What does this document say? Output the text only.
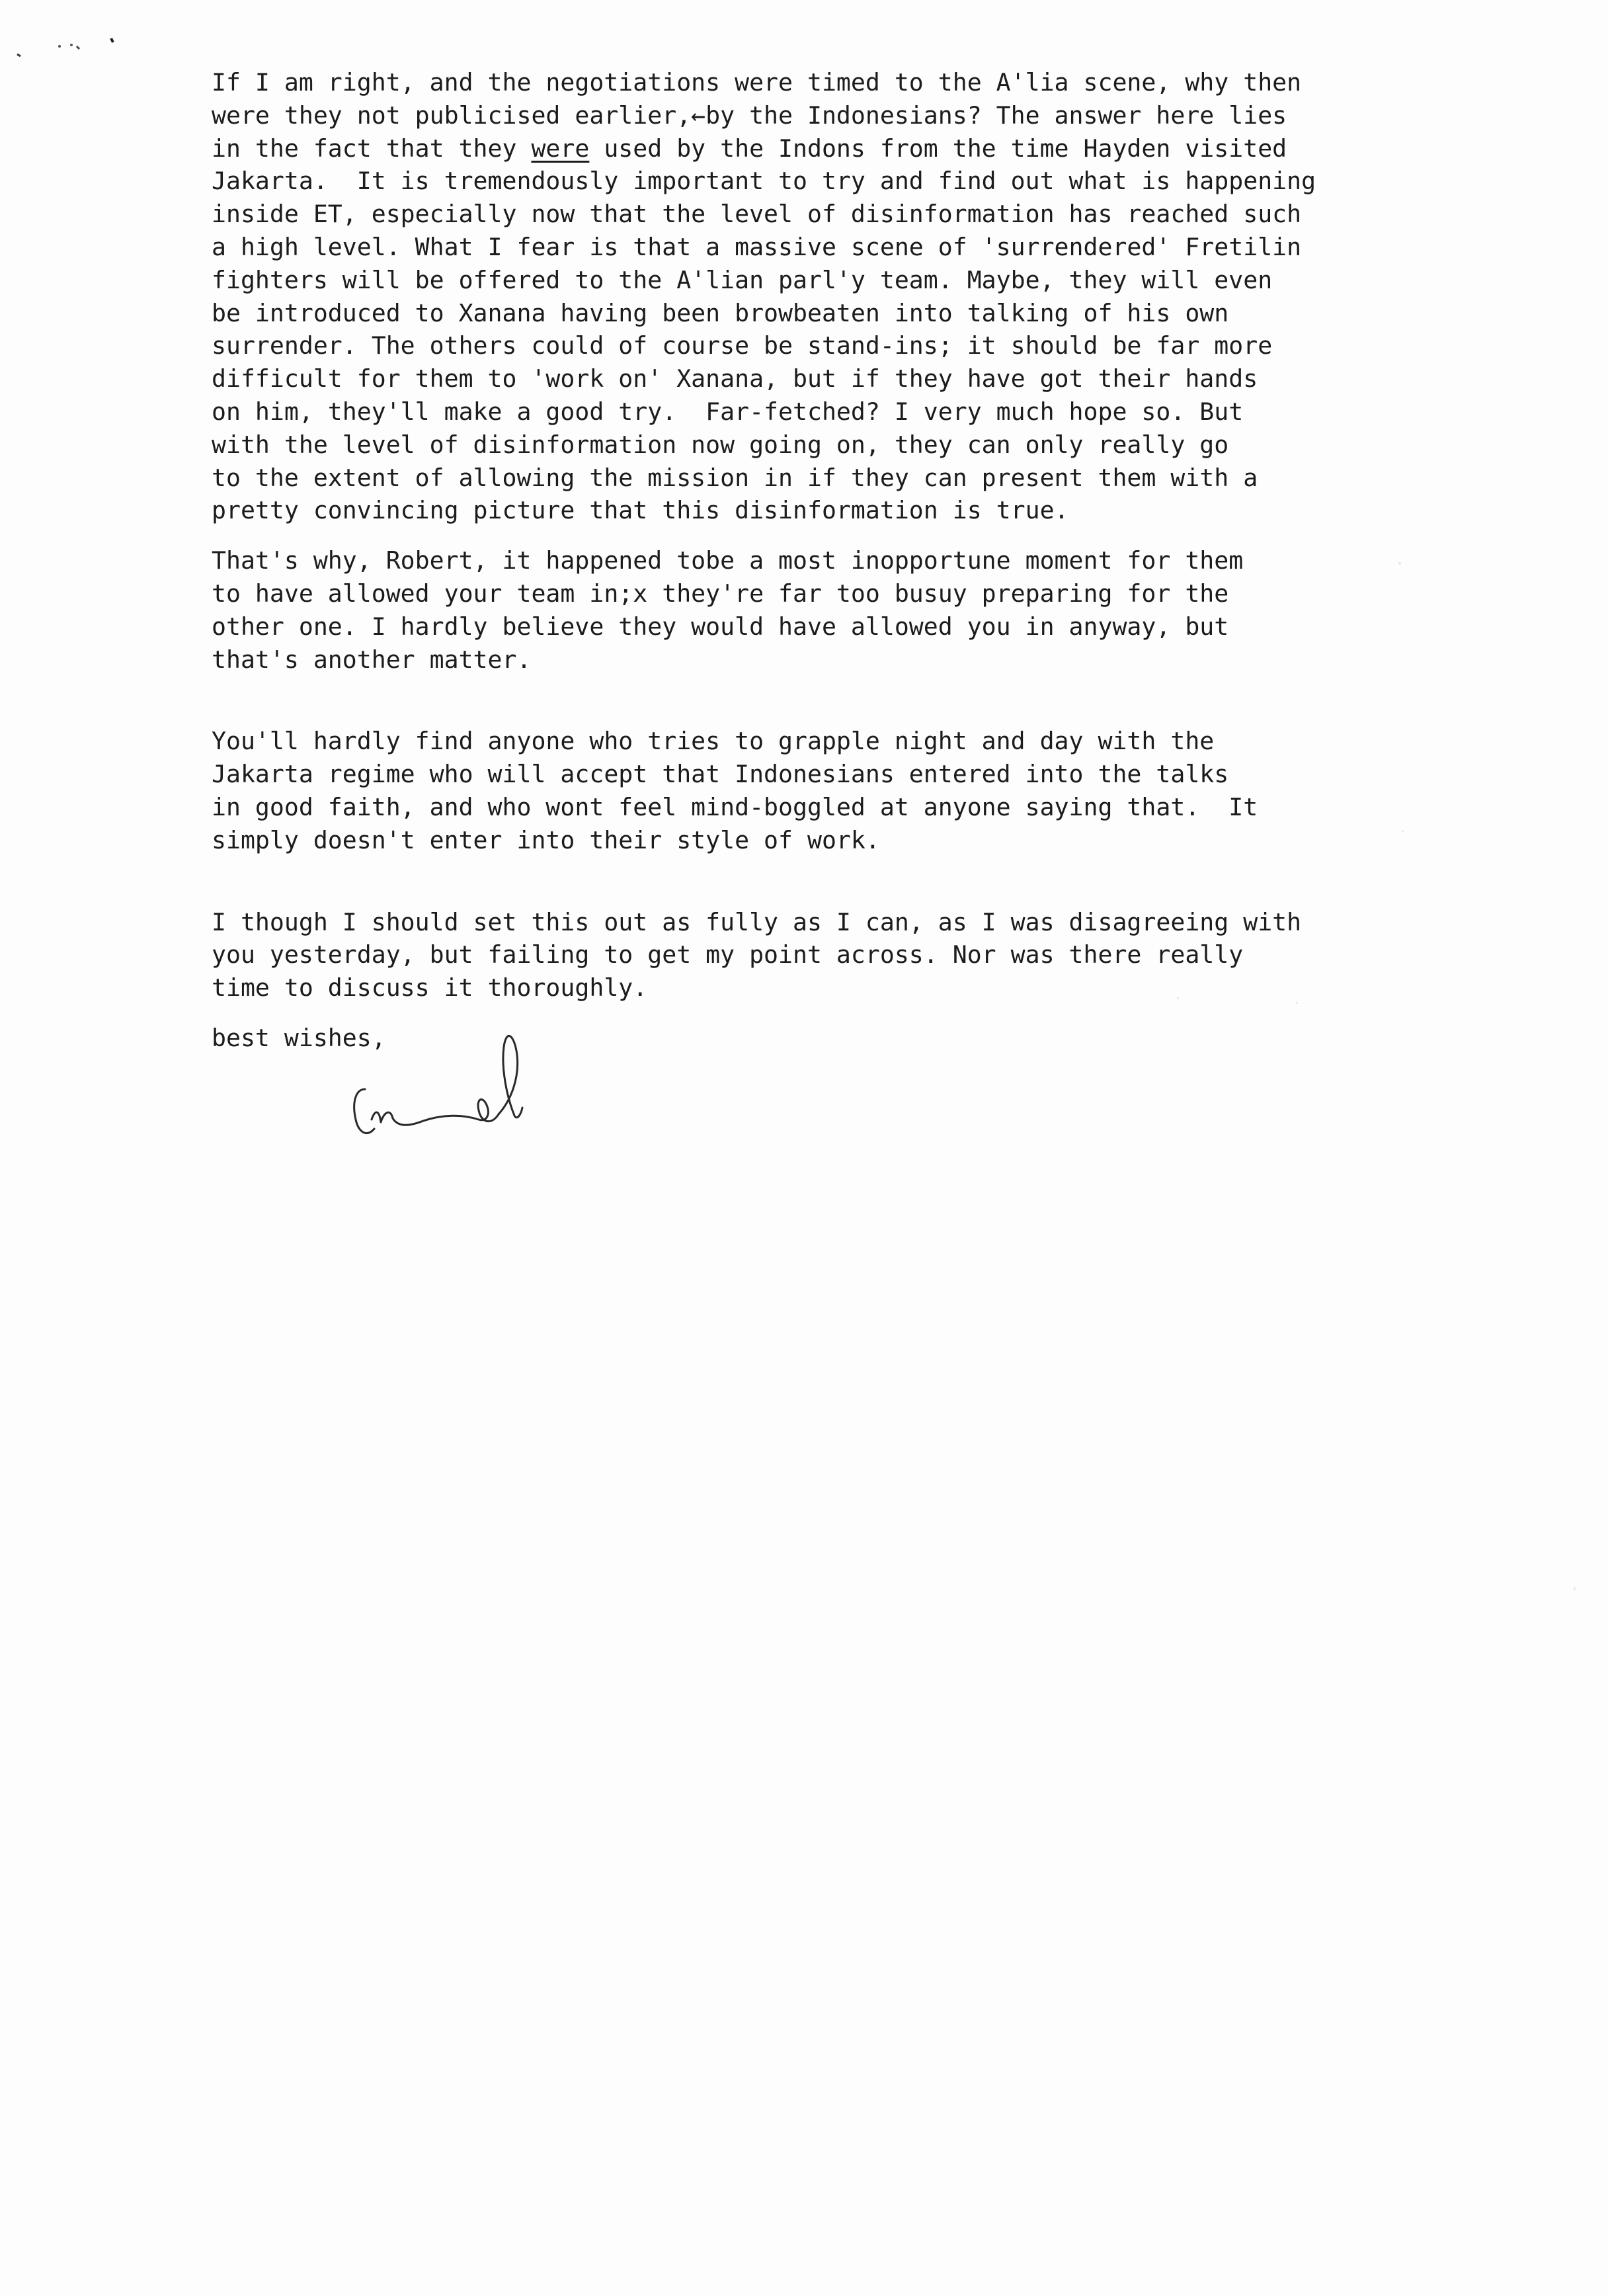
If I am right, and the negotiations were timed to the A'lia scene, why then
were they not publicised earlier,←by the Indonesians? The answer here lies
in the fact that they were used by the Indons from the time Hayden visited
Jakarta.  It is tremendously important to try and find out what is happening
inside ET, especially now that the level of disinformation has reached such
a high level. What I fear is that a massive scene of 'surrendered' Fretilin
fighters will be offered to the A'lian parl'y team. Maybe, they will even
be introduced to Xanana having been browbeaten into talking of his own
surrender. The others could of course be stand-ins; it should be far more
difficult for them to 'work on' Xanana, but if they have got their hands
on him, they'll make a good try.  Far-fetched? I very much hope so. But
with the level of disinformation now going on, they can only really go
to the extent of allowing the mission in if they can present them with a
pretty convincing picture that this disinformation is true.
That's why, Robert, it happened tobe a most inopportune moment for them
to have allowed your team in;x they're far too busuy preparing for the
other one. I hardly believe they would have allowed you in anyway, but
that's another matter.
You'll hardly find anyone who tries to grapple night and day with the
Jakarta regime who will accept that Indonesians entered into the talks
in good faith, and who wont feel mind-boggled at anyone saying that.  It
simply doesn't enter into their style of work.
I though I should set this out as fully as I can, as I was disagreeing with
you yesterday, but failing to get my point across. Nor was there really
time to discuss it thoroughly.
best wishes,
